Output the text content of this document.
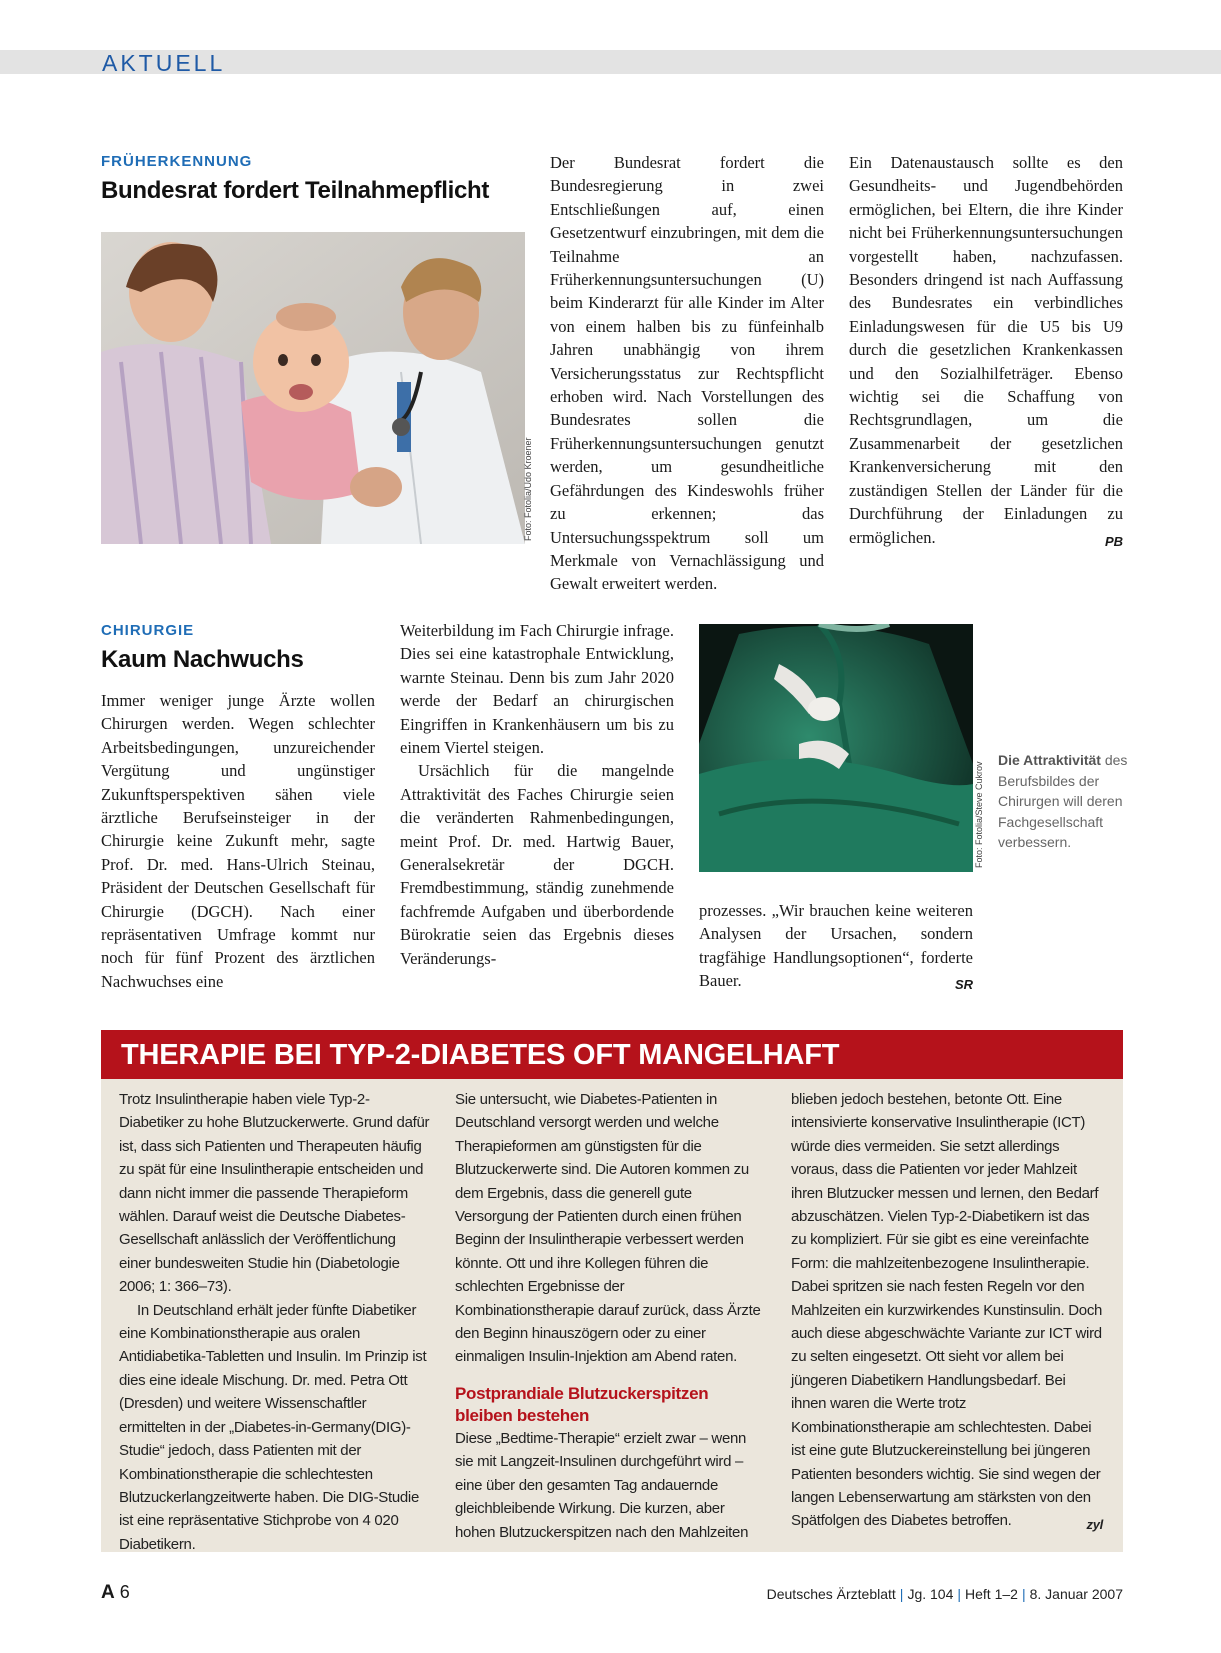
AKTUELL
FRÜHERKENNUNG
Bundesrat fordert Teilnahmepflicht
Foto: Fotolia/Udo Kroener

Der Bundesrat fordert die Bundesregierung in zwei Entschließungen auf, einen Gesetzentwurf einzubringen, mit dem die Teilnahme an Früherkennungsuntersuchungen (U) beim Kinderarzt für alle Kinder im Alter von einem halben bis zu fünfeinhalb Jahren unabhängig von ihrem Versicherungsstatus zur Rechtspflicht erhoben wird. Nach Vorstellungen des Bundesrates sollen die Früherkennungsuntersuchungen genutzt werden, um gesundheitliche Gefährdungen des Kindeswohls früher zu erkennen; das Untersuchungsspektrum soll um Merkmale von Vernachlässigung und Gewalt erweitert werden.

Ein Datenaustausch sollte es den Gesundheits- und Jugendbehörden ermöglichen, bei Eltern, die ihre Kinder nicht bei Früherkennungsuntersuchungen vorgestellt haben, nachzufassen. Besonders dringend ist nach Auffassung des Bundesrates ein verbindliches Einladungswesen für die U5 bis U9 durch die gesetzlichen Krankenkassen und den Sozialhilfeträger. Ebenso wichtig sei die Schaffung von Rechtsgrundlagen, um die Zusammenarbeit der gesetzlichen Krankenversicherung mit den zuständigen Stellen der Länder für die Durchführung der Einladungen zu ermöglichen.	PB

CHIRURGIE
Kaum Nachwuchs

Immer weniger junge Ärzte wollen Chirurgen werden. Wegen schlechter Arbeitsbedingungen, unzureichender Vergütung und ungünstiger Zukunftsperspektiven sähen viele ärztliche Berufseinsteiger in der Chirurgie keine Zukunft mehr, sagte Prof. Dr. med. Hans-Ulrich Steinau, Präsident der Deutschen Gesellschaft für Chirurgie (DGCH). Nach einer repräsentativen Umfrage kommt nur noch für fünf Prozent des ärztlichen Nachwuchses eine

Weiterbildung im Fach Chirurgie infrage. Dies sei eine katastrophale Entwicklung, warnte Steinau. Denn bis zum Jahr 2020 werde der Bedarf an chirurgischen Eingriffen in Krankenhäusern um bis zu einem Viertel steigen.

Ursächlich für die mangelnde Attraktivität des Faches Chirurgie seien die veränderten Rahmenbedingungen, meint Prof. Dr. med. Hartwig Bauer, Generalsekretär der DGCH. Fremdbestimmung, ständig zunehmende fachfremde Aufgaben und überbordende Bürokratie seien das Ergebnis dieses Veränderungs-

Foto: Fotolia/Steve Cukrov
Die Attraktivität des Berufsbildes der Chirurgen will deren Fachgesellschaft verbessern.

prozesses. „Wir brauchen keine weiteren Analysen der Ursachen, sondern tragfähige Handlungsoptionen“, forderte Bauer.	SR

THERAPIE BEI TYP-2-DIABETES OFT MANGELHAFT

Trotz Insulintherapie haben viele Typ-2-Diabetiker zu hohe Blutzuckerwerte. Grund dafür ist, dass sich Patienten und Therapeuten häufig zu spät für eine Insulintherapie entscheiden und dann nicht immer die passende Therapieform wählen. Darauf weist die Deutsche Diabetes-Gesellschaft anlässlich der Veröffentlichung einer bundesweiten Studie hin (Diabetologie 2006; 1: 366–73).

In Deutschland erhält jeder fünfte Diabetiker eine Kombinationstherapie aus oralen Antidiabetika-Tabletten und Insulin. Im Prinzip ist dies eine ideale Mischung. Dr. med. Petra Ott (Dresden) und weitere Wissenschaftler ermittelten in der „Diabetes-in-Germany(DIG)-Studie“ jedoch, dass Patienten mit der Kombinationstherapie die schlechtesten Blutzuckerlangzeitwerte haben. Die DIG-Studie ist eine repräsentative Stichprobe von 4 020 Diabetikern.

Sie untersucht, wie Diabetes-Patienten in Deutschland versorgt werden und welche Therapieformen am günstigsten für die Blutzuckerwerte sind. Die Autoren kommen zu dem Ergebnis, dass die generell gute Versorgung der Patienten durch einen frühen Beginn der Insulintherapie verbessert werden könnte. Ott und ihre Kollegen führen die schlechten Ergebnisse der Kombinationstherapie darauf zurück, dass Ärzte den Beginn hinauszögern oder zu einer einmaligen Insulin-Injektion am Abend raten.

Postprandiale Blutzuckerspitzen bleiben bestehen

Diese „Bedtime-Therapie“ erzielt zwar – wenn sie mit Langzeit-Insulinen durchgeführt wird – eine über den gesamten Tag andauernde gleichbleibende Wirkung. Die kurzen, aber hohen Blutzuckerspitzen nach den Mahlzeiten

blieben jedoch bestehen, betonte Ott. Eine intensivierte konservative Insulintherapie (ICT) würde dies vermeiden. Sie setzt allerdings voraus, dass die Patienten vor jeder Mahlzeit ihren Blutzucker messen und lernen, den Bedarf abzuschätzen. Vielen Typ-2-Diabetikern ist das zu kompliziert. Für sie gibt es eine vereinfachte Form: die mahlzeitenbezogene Insulintherapie. Dabei spritzen sie nach festen Regeln vor den Mahlzeiten ein kurzwirkendes Kunstinsulin. Doch auch diese abgeschwächte Variante zur ICT wird zu selten eingesetzt. Ott sieht vor allem bei jüngeren Diabetikern Handlungsbedarf. Bei ihnen waren die Werte trotz Kombinationstherapie am schlechtesten. Dabei ist eine gute Blutzuckereinstellung bei jüngeren Patienten besonders wichtig. Sie sind wegen der langen Lebenserwartung am stärksten von den Spätfolgen des Diabetes betroffen.	zyl

A 6	Deutsches Ärzteblatt | Jg. 104 | Heft 1–2 | 8. Januar 2007
